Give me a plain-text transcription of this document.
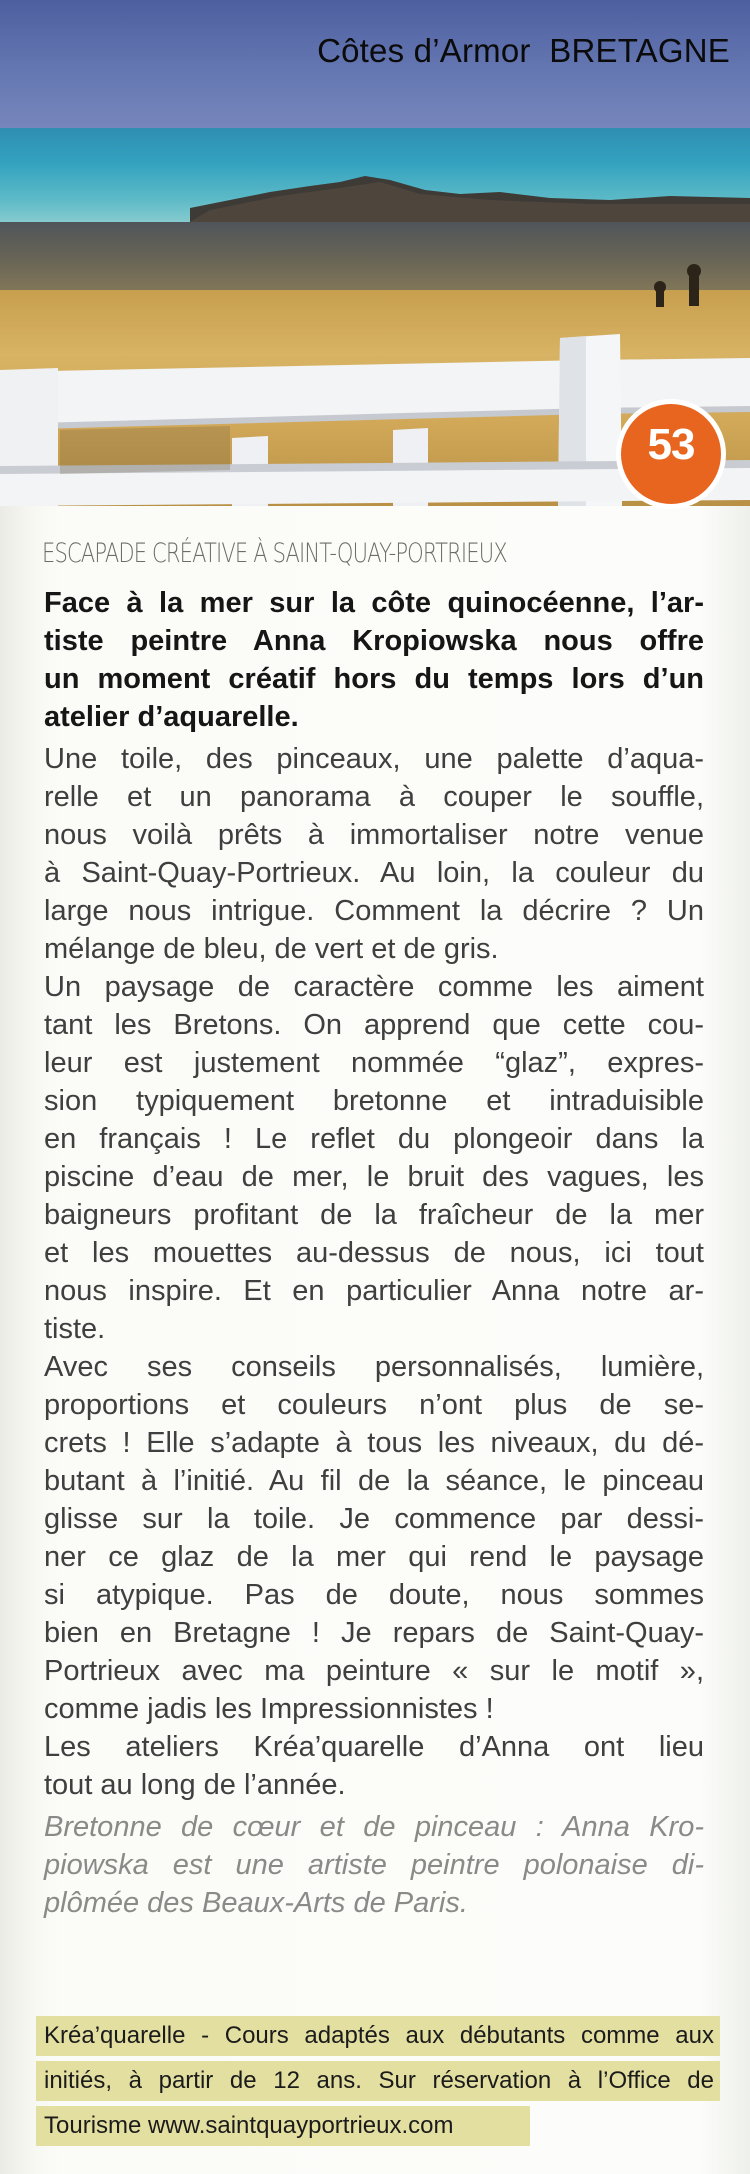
Côtes d’Armor  BRETAGNE
53
ESCAPADE CRÉATIVE À SAINT-QUAY-PORTRIEUX
Face à la mer sur la côte quinocéenne, l’ar-
tiste peintre Anna Kropiowska nous offre
un moment créatif hors du temps lors d’un
atelier d’aquarelle.
Une toile, des pinceaux, une palette d’aqua-
relle et un panorama à couper le souffle,
nous voilà prêts à immortaliser notre venue
à Saint-Quay-Portrieux. Au loin, la couleur du
large nous intrigue. Comment la décrire ? Un
mélange de bleu, de vert et de gris.
Un paysage de caractère comme les aiment
tant les Bretons. On apprend que cette cou-
leur est justement nommée “glaz”, expres-
sion typiquement bretonne et intraduisible
en français ! Le reflet du plongeoir dans la
piscine d’eau de mer, le bruit des vagues, les
baigneurs profitant de la fraîcheur de la mer
et les mouettes au-dessus de nous, ici tout
nous inspire. Et en particulier Anna notre ar-
tiste.
Avec ses conseils personnalisés, lumière,
proportions et couleurs n’ont plus de se-
crets ! Elle s’adapte à tous les niveaux, du dé-
butant à l’initié. Au fil de la séance, le pinceau
glisse sur la toile. Je commence par dessi-
ner ce glaz de la mer qui rend le paysage
si atypique. Pas de doute, nous sommes
bien en Bretagne ! Je repars de Saint-Quay-
Portrieux avec ma peinture « sur le motif »,
comme jadis les Impressionnistes !
Les ateliers Kréa’quarelle d’Anna ont lieu
tout au long de l’année.
Bretonne de cœur et de pinceau : Anna Kro-
piowska est une artiste peintre polonaise di-
plômée des Beaux-Arts de Paris.
Kréa’quarelle - Cours adaptés aux débutants comme aux
initiés, à partir de 12 ans. Sur réservation à l’Office de
Tourisme www.saintquayportrieux.com
